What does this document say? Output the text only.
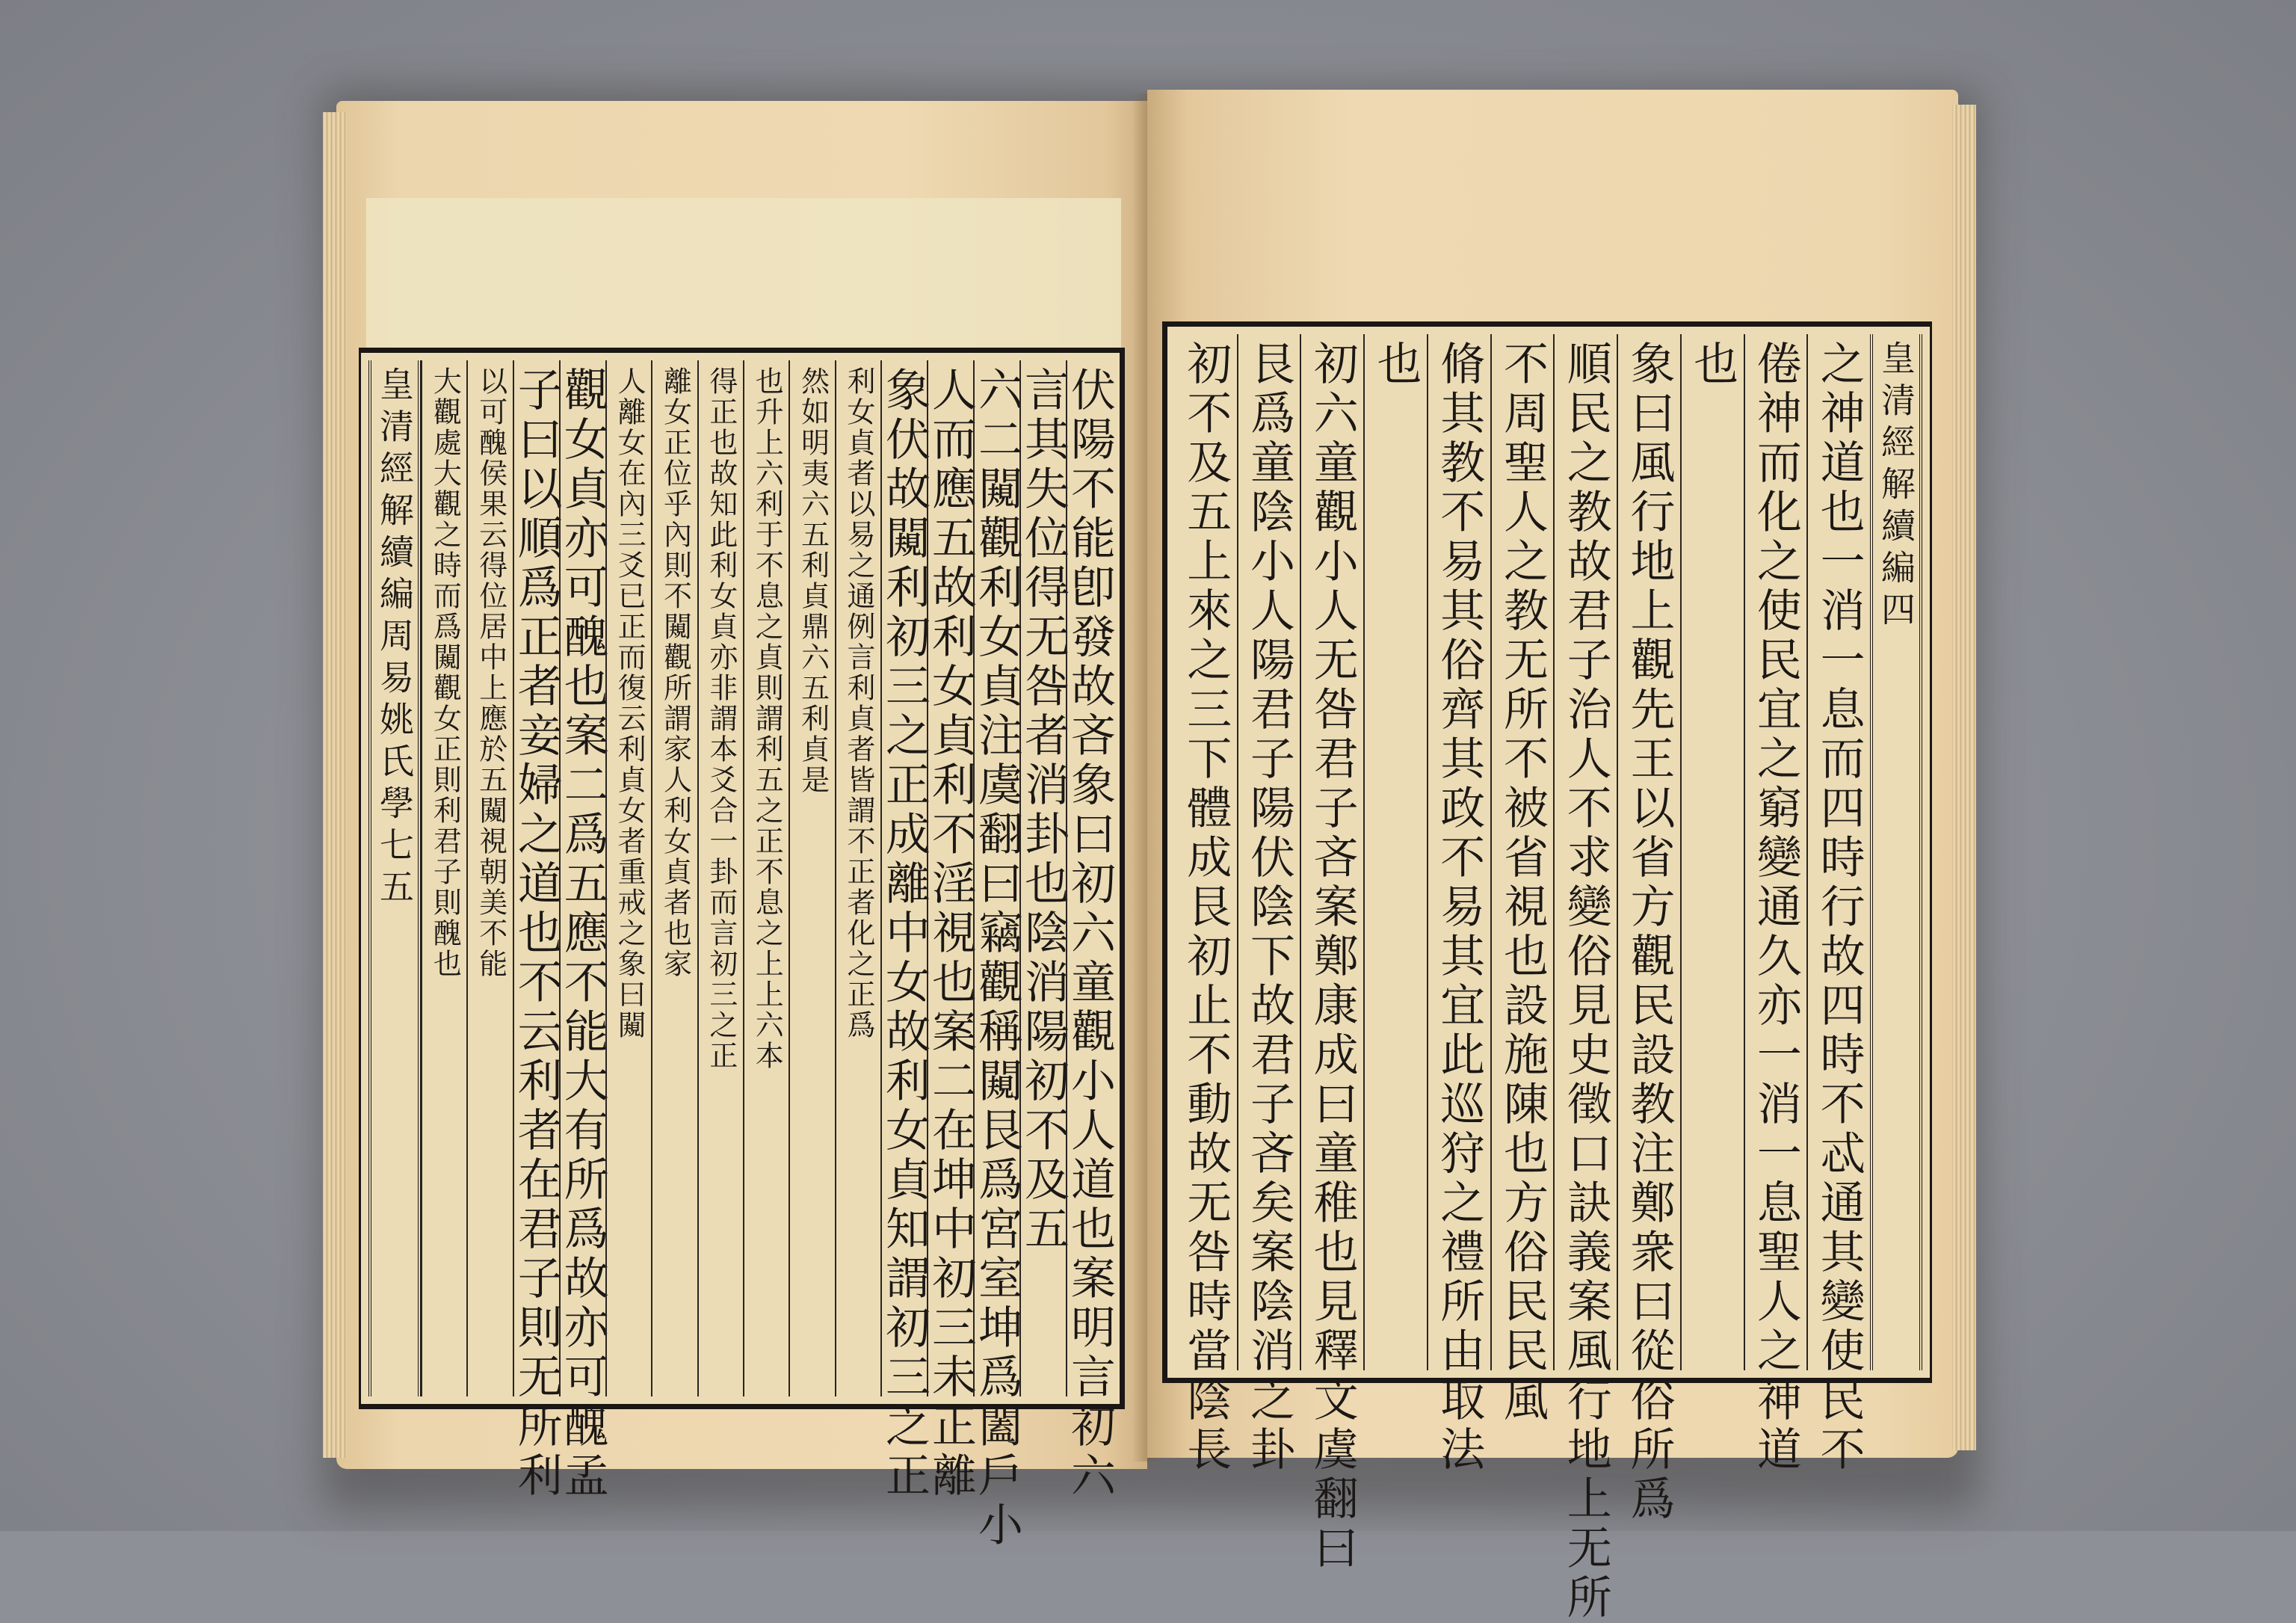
伏陽不能卽發故吝象曰初六童觀小人道也案明言初六
言其失位得无咎者消卦也陰消陽初不及五
六二闚觀利女貞注虞翻曰竊觀稱闚艮爲宮室坤爲闔戶小
人而應五故利女貞利不淫視也案二在坤中初三未正離
象伏故闚利初三之正成離中女故利女貞知謂初三之正
利女貞者以易之通例言利貞者皆謂不正者化之正爲
然如明夷六五利貞鼎六五利貞是
也升上六利于不息之貞則謂利五之正不息之上上六本
得正也故知此利女貞亦非謂本爻合一卦而言初三之正
離女正位乎內則不闚觀所謂家人利女貞者也家
人離女在內三爻已正而復云利貞女者重戒之象曰闚
觀女貞亦可醜也案二爲五應不能大有所爲故亦可醜孟
子曰以順爲正者妾婦之道也不云利者在君子則无所利
以可醜侯果云得位居中上應於五闚視朝美不能
大觀處大觀之時而爲闚觀女正則利君子則醜也
皇清經解續編
周易姚氏學七
五
皇清經解續編
四
之神道也一消一息而四時行故四時不忒通其變使民不
倦神而化之使民宜之窮變通久亦一消一息聖人之神道
也
象曰風行地上觀先王以省方觀民設教注鄭衆曰從俗所爲
順民之教故君子治人不求變俗見史徵口訣義案風行地上无所
不周聖人之教无所不被省視也設施陳也方俗民民風
脩其教不易其俗齊其政不易其宜此巡狩之禮所由取法
也
初六童觀小人无咎君子吝案鄭康成曰童稚也見釋文虞翻曰
艮爲童陰小人陽君子陽伏陰下故君子吝矣案陰消之卦
初不及五上來之三下體成艮初止不動故无咎時當陰長
